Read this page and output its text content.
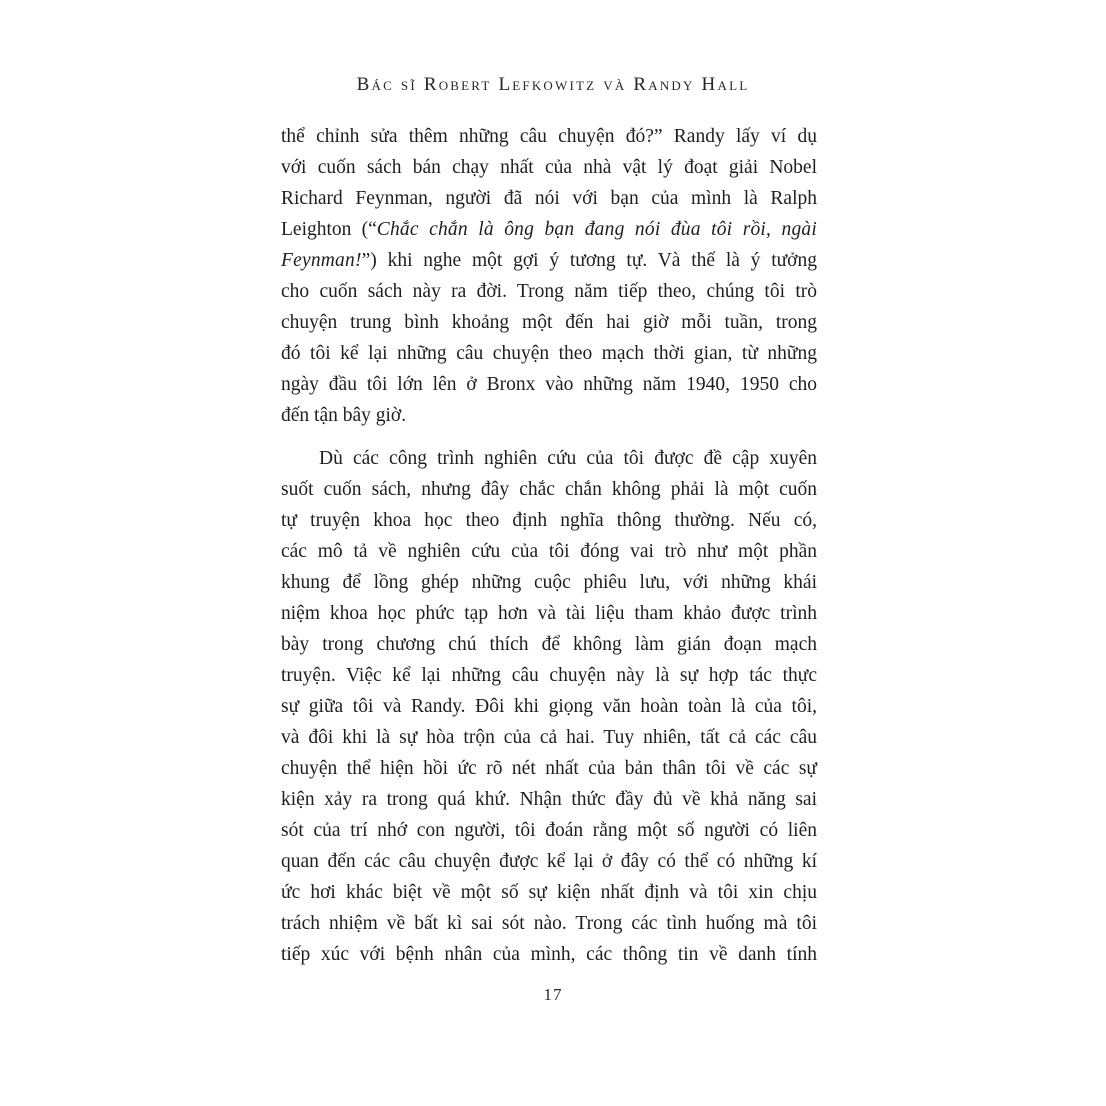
Bác sĩ Robert Lefkowitz và Randy Hall
thể chỉnh sửa thêm những câu chuyện đó?” Randy lấy ví dụ
với cuốn sách bán chạy nhất của nhà vật lý đoạt giải Nobel
Richard Feynman, người đã nói với bạn của mình là Ralph
Leighton (“Chắc chắn là ông bạn đang nói đùa tôi rồi, ngài
Feynman!”) khi nghe một gợi ý tương tự. Và thế là ý tưởng
cho cuốn sách này ra đời. Trong năm tiếp theo, chúng tôi trò
chuyện trung bình khoảng một đến hai giờ mỗi tuần, trong
đó tôi kể lại những câu chuyện theo mạch thời gian, từ những
ngày đầu tôi lớn lên ở Bronx vào những năm 1940, 1950 cho
đến tận bây giờ.
Dù các công trình nghiên cứu của tôi được đề cập xuyên
suốt cuốn sách, nhưng đây chắc chắn không phải là một cuốn
tự truyện khoa học theo định nghĩa thông thường. Nếu có,
các mô tả về nghiên cứu của tôi đóng vai trò như một phần
khung để lồng ghép những cuộc phiêu lưu, với những khái
niệm khoa học phức tạp hơn và tài liệu tham khảo được trình
bày trong chương chú thích để không làm gián đoạn mạch
truyện. Việc kể lại những câu chuyện này là sự hợp tác thực
sự giữa tôi và Randy. Đôi khi giọng văn hoàn toàn là của tôi,
và đôi khi là sự hòa trộn của cả hai. Tuy nhiên, tất cả các câu
chuyện thể hiện hồi ức rõ nét nhất của bản thân tôi về các sự
kiện xảy ra trong quá khứ. Nhận thức đầy đủ về khả năng sai
sót của trí nhớ con người, tôi đoán rằng một số người có liên
quan đến các câu chuyện được kể lại ở đây có thể có những kí
ức hơi khác biệt về một số sự kiện nhất định và tôi xin chịu
trách nhiệm về bất kì sai sót nào. Trong các tình huống mà tôi
tiếp xúc với bệnh nhân của mình, các thông tin về danh tính
17
